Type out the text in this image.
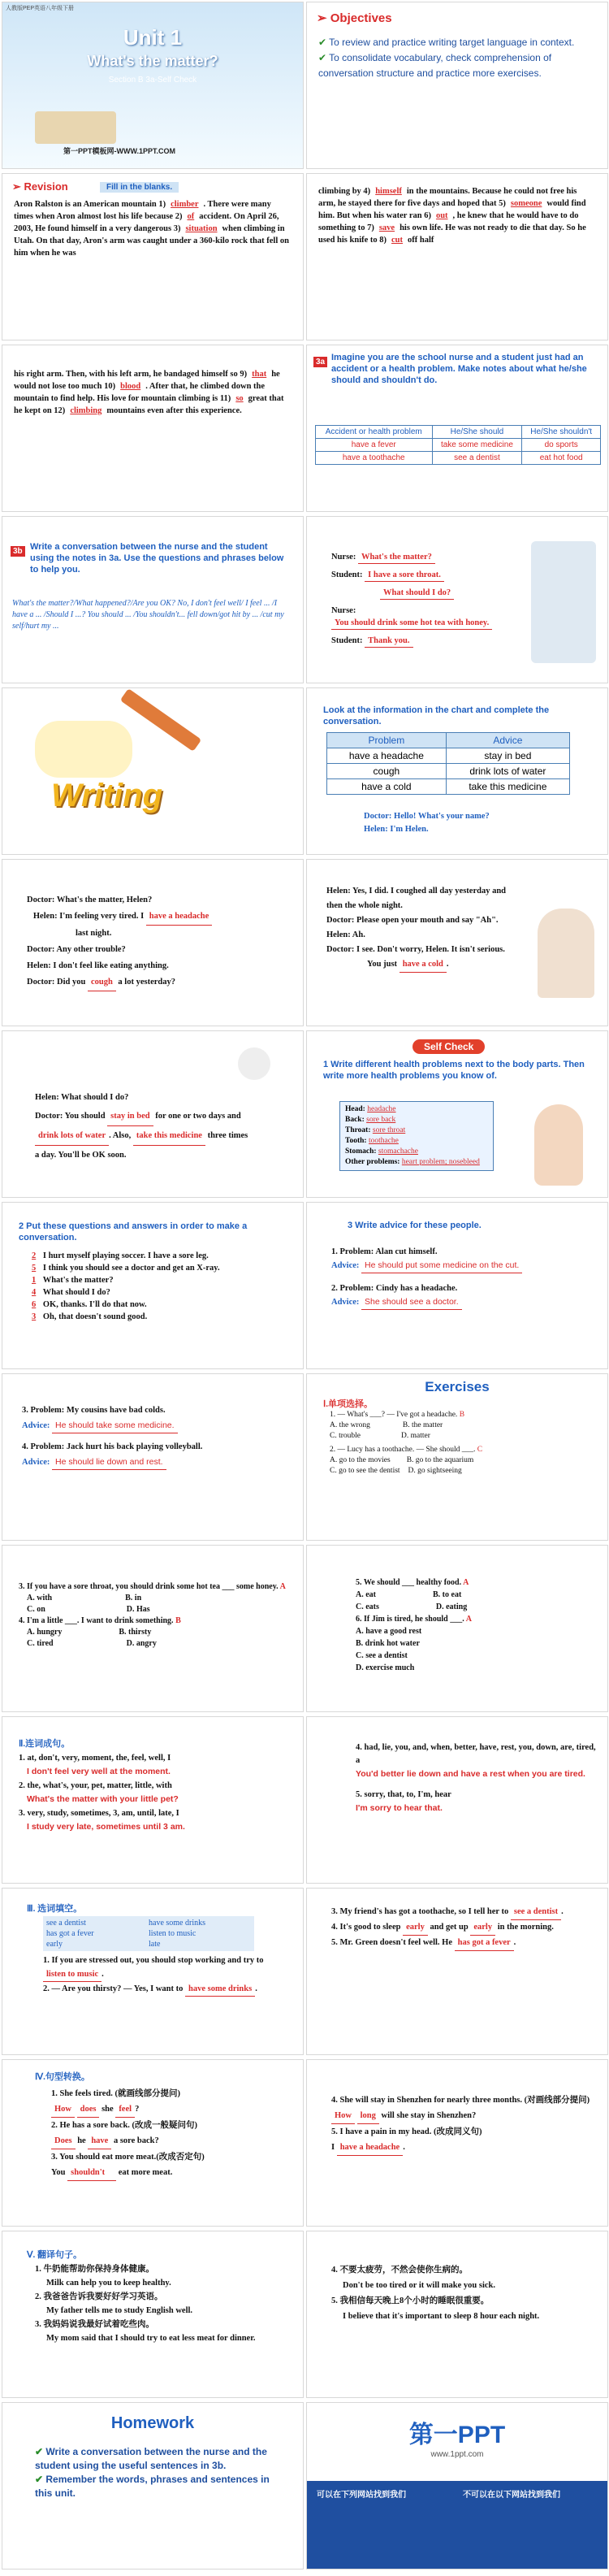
人教版PEP英语八年级下册
Unit 1
What's the matter?
Section B 3a-Self Check
第一PPT模板网-WWW.1PPT.COM
➢ Objectives
✔ To review and practice writing target language in context.
✔ To consolidate vocabulary, check comprehension of conversation structure and practice more exercises.
➢ Revision	Fill in the blanks.
Aron Ralston is an American mountain 1) climber . There were many times when Aron almost lost his life because 2) of accident. On April 26, 2003, He found himself in a very dangerous 3) situation when climbing in Utah. On that day, Aron's arm was caught under a 360-kilo rock that fell on him when he was
climbing by 4) himself in the mountains. Because he could not free his arm, he stayed there for five days and hoped that 5) someone would find him. But when his water ran 6) out , he knew that he would have to do something to 7) save his own life. He was not ready to die that day. So he used his knife to 8) cut off half
his right arm. Then, with his left arm, he bandaged himself so 9) that he would not lose too much 10) blood . After that, he climbed down the mountain to find help. His love for mountain climbing is 11) so great that he kept on 12) climbing mountains even after this experience.
3a Imagine you are the school nurse and a student just had an accident or a health problem. Make notes about what he/she should and shouldn't do.
Accident or health problem	He/She should	He/She shouldn't
have a fever	take some medicine	do sports
have a toothache	see a dentist	eat hot food
3b Write a conversation between the nurse and the student using the notes in 3a. Use the questions and phrases below to help you.
What's the matter?/What happened?/Are you OK? No, I don't feel well/ I feel ... /I have a ... /Should I ...? You should ... /You shouldn't... fell down/got hit by ... /cut my self/hurt my ...
Nurse: What's the matter?
Student: I have a sore throat.
What should I do?
Nurse: You should drink some hot tea with honey.
Student: Thank you.
Writing
Look at the information in the chart and complete the conversation.
Problem	Advice
have a headache	stay in bed
cough	drink lots of water
have a cold	take this medicine
Doctor: Hello! What's your name?
Helen: I'm Helen.
Doctor: What's the matter, Helen?
Helen: I'm feeling very tired. I have a headache
last night.
Doctor: Any other trouble?
Helen: I don't feel like eating anything.
Doctor: Did you cough a lot yesterday?
Helen: Yes, I did. I coughed all day yesterday and then the whole night.
Doctor: Please open your mouth and say "Ah".
Helen: Ah.
Doctor: I see. Don't worry, Helen. It isn't serious.
You just have a cold .
Helen: What should I do?
Doctor: You should stay in bed for one or two days and drink lots of water . Also, take this medicine three times a day. You'll be OK soon.
Self Check
1 Write different health problems next to the body parts. Then write more health problems you know of.
Head: headache
Back: sore back
Throat: sore throat
Tooth: toothache
Stomach: stomachache
Other problems: heart problem; nosebleed
2 Put these questions and answers in order to make a conversation.
2 I hurt myself playing soccer. I have a sore leg.
5 I think you should see a doctor and get an X-ray.
1 What's the matter?
4 What should I do?
6 OK, thanks. I'll do that now.
3 Oh, that doesn't sound good.
3 Write advice for these people.
1. Problem: Alan cut himself.
Advice: He should put some medicine on the cut.
2. Problem: Cindy has a headache.
Advice: She should see a doctor.
3. Problem: My cousins have bad colds.
Advice: He should take some medicine.
4. Problem: Jack hurt his back playing volleyball.
Advice: He should lie down and rest.
Exercises
Ⅰ.单项选择。
1. — What's ___? — I've got a headache. B
A. the wrong	B. the matter
C. trouble	D. matter
2. — Lucy has a toothache. — She should ___. C
A. go to the movies B. go to the aquarium
C. go to see the dentist D. go sightseeing
3. If you have a sore throat, you should drink some hot tea ___ some honey. A
A. with	B. in
C. on	D. Has
4. I'm a little ___. I want to drink something. B
A. hungry	B. thirsty
C. tired	D. angry
5. We should ___ healthy food. A
A. eat	B. to eat
C. eats	D. eating
6. If Jim is tired, he should ___. A
A. have a good rest
B. drink hot water
C. see a dentist
D. exercise much
Ⅱ.连词成句。
1. at, don't, very, moment, the, feel, well, I
I don't feel very well at the moment.
2. the, what's, your, pet, matter, little, with
What's the matter with your little pet?
3. very, study, sometimes, 3, am, until, late, I
I study very late, sometimes until 3 am.
4. had, lie, you, and, when, better, have, rest, you, down, are, tired, a
You'd better lie down and have a rest when you are tired.
5. sorry, that, to, I'm, hear
I'm sorry to hear that.
Ⅲ. 选词填空。
see a dentist	have some drinks
has got a fever	listen to music
early	late
1. If you are stressed out, you should stop working and try to listen to music .
2. — Are you thirsty? — Yes, I want to have some drinks .
3. My friend's has got a toothache, so I tell her to see a dentist .
4. It's good to sleep early and get up early in the morning.
5. Mr. Green doesn't feel well. He has got a fever .
Ⅳ.句型转换。
1. She feels tired. (就画线部分提问)
How does she feel ?
2. He has a sore back. (改成一般疑问句)
Does he have a sore back?
3. You should eat more meat.(改成否定句)
You shouldn't eat more meat.
4. She will stay in Shenzhen for nearly three months. (对画线部分提问)
How long will she stay in Shenzhen?
5. I have a pain in my head. (改成同义句)
I have a headache .
Ⅴ. 翻译句子。
1. 牛奶能帮助你保持身体健康。
Milk can help you to keep healthy.
2. 我爸爸告诉我要好好学习英语。
My father tells me to study English well.
3. 我妈妈说我最好试着吃些肉。
My mom said that I should try to eat less meat for dinner.
4. 不要太疲劳，不然会使你生病的。
Don't be too tired or it will make you sick.
5. 我相信每天晚上8个小时的睡眠很重要。
I believe that it's important to sleep 8 hour each night.
Homework
✔ Write a conversation between the nurse and the student using the useful sentences in 3b.
✔ Remember the words, phrases and sentences in this unit.
第一PPT
www.1ppt.com
可以在下列网站找到我们	不可以在以下网站找到我们
